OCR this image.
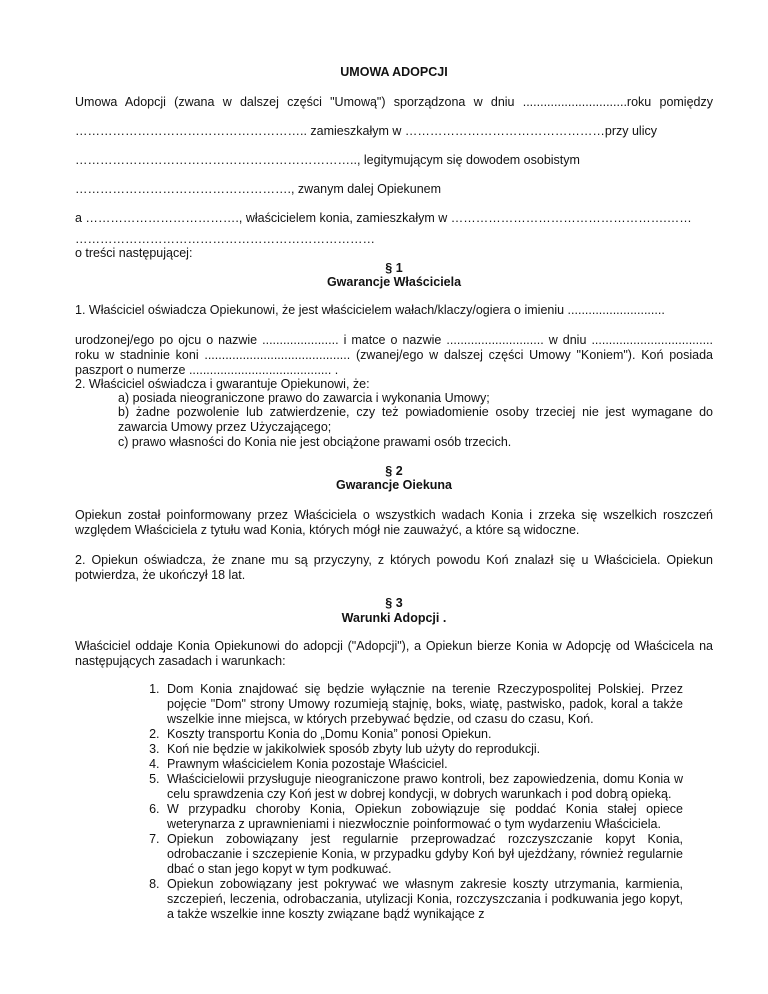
UMOWA ADOPCJI
Umowa Adopcji (zwana w dalszej części "Umową") sporządzona w dniu ..............................roku pomiędzy
……………………………………………….. zamieszkałym w …………………………………………przy ulicy
………………………………………………………….., legitymującym się dowodem osobistym
……………………………………………., zwanym dalej Opiekunem
a ………………………………., właścicielem konia, zamieszkałym w …………………………………………….……
………………………………………………………………
o treści następującej:
§ 1
Gwarancje Właściciela
1. Właściciel oświadcza Opiekunowi, że jest właścicielem wałach/klaczy/ogiera o imieniu ............................
urodzonej/ego po ojcu o nazwie ...................... i matce o nazwie ............................ w dniu ................................... roku w stadninie koni .......................................... (zwanej/ego w dalszej części Umowy "Koniem"). Koń posiada paszport o numerze ......................................... .
2. Właściciel oświadcza i gwarantuje Opiekunowi, że:
a) posiada nieograniczone prawo do zawarcia i wykonania Umowy;
b) żadne pozwolenie lub zatwierdzenie, czy też powiadomienie osoby trzeciej nie jest wymagane do zawarcia Umowy przez Użyczającego;
c) prawo własności do Konia nie jest obciążone prawami osób trzecich.
§ 2
Gwarancje Oiekuna
Opiekun został poinformowany przez Właściciela o wszystkich wadach Konia i zrzeka się wszelkich roszczeń względem Właściciela z tytułu wad Konia, których mógł nie zauważyć, a które są widoczne.
2. Opiekun oświadcza, że znane mu są przyczyny, z których powodu Koń znalazł się u Właściciela. Opiekun potwierdza, że ukończył 18 lat.
§ 3
Warunki Adopcji .
Właściciel oddaje Konia Opiekunowi do adopcji ("Adopcji"), a Opiekun bierze Konia w Adopcję od Właścicela na następujących zasadach i warunkach:
1. Dom Konia znajdować się będzie wyłącznie na terenie Rzeczypospolitej Polskiej. Przez pojęcie "Dom" strony Umowy rozumieją stajnię, boks, wiatę, pastwisko, padok, koral a także wszelkie inne miejsca, w których przebywać będzie, od czasu do czasu, Koń.
2. Koszty transportu Konia do „Domu Konia” ponosi Opiekun.
3. Koń nie będzie w jakikolwiek sposób zbyty lub użyty do reprodukcji.
4. Prawnym właścicielem Konia pozostaje Właściciel.
5. Właścicielowii przysługuje nieograniczone prawo kontroli, bez zapowiedzenia, domu Konia w celu sprawdzenia czy Koń jest w dobrej kondycji, w dobrych warunkach i pod dobrą opieką.
6. W przypadku choroby Konia, Opiekun zobowiązuje się poddać Konia stałej opiece weterynarza z uprawnieniami i niezwłocznie poinformować o tym wydarzeniu Właściciela.
7. Opiekun zobowiązany jest regularnie przeprowadzać rozczyszczanie kopyt Konia, odrobaczanie i szczepienie Konia, w przypadku gdyby Koń był ujeżdżany, również regularnie dbać o stan jego kopyt w tym podkuwać.
8. Opiekun zobowiązany jest pokrywać we własnym zakresie koszty utrzymania, karmienia, szczepień, leczenia, odrobaczania, utylizacji Konia, rozczyszczania i podkuwania jego kopyt, a także wszelkie inne koszty związane bądź wynikające z
